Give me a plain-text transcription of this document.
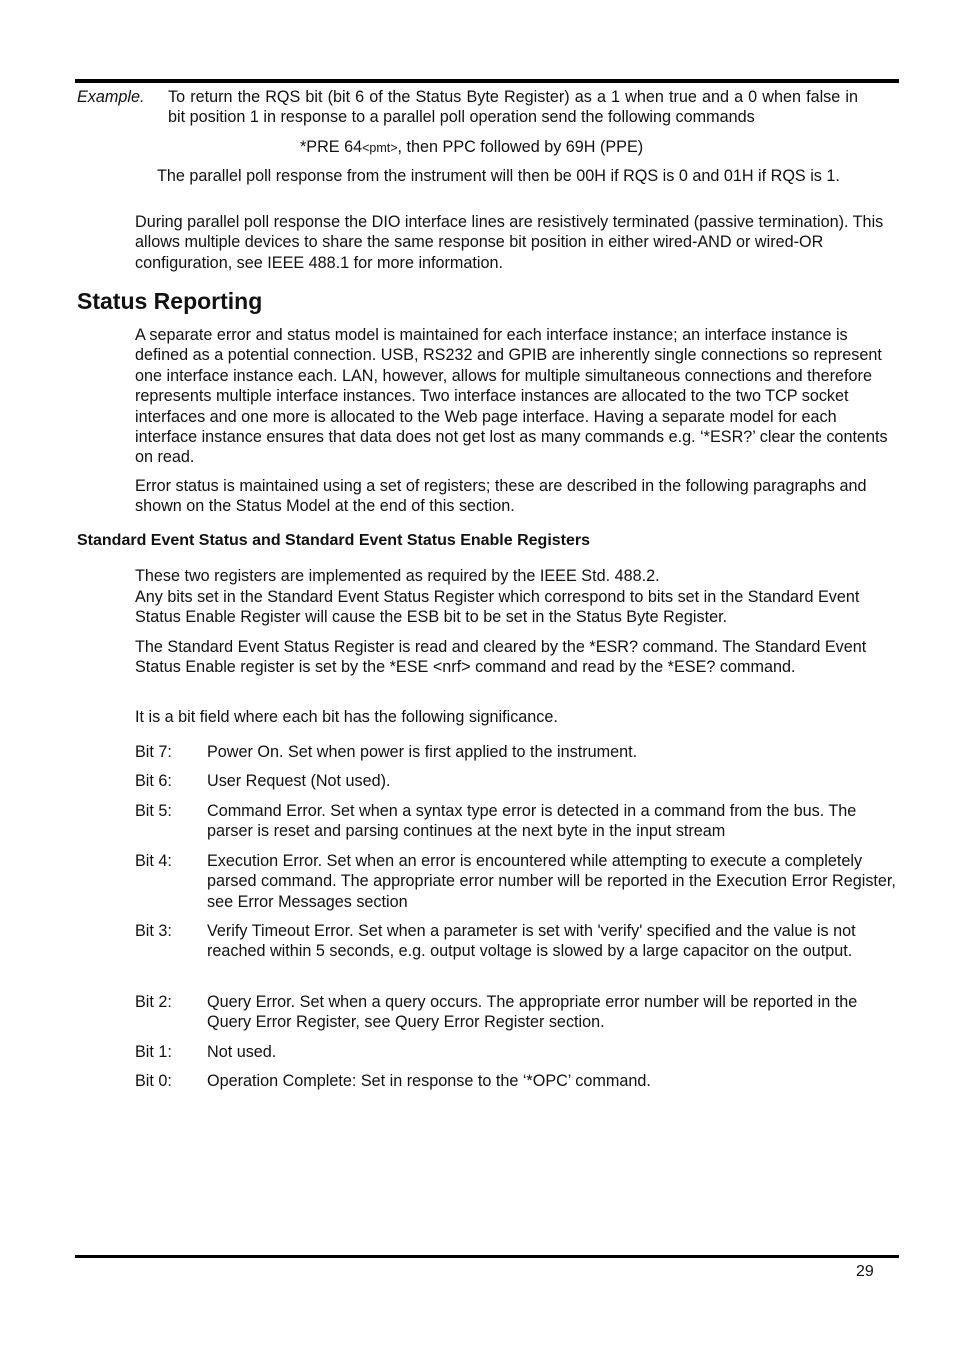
Example. To return the RQS bit (bit 6 of the Status Byte Register) as a 1 when true and a 0 when false in bit position 1 in response to a parallel poll operation send the following commands
*PRE 64<pmt>, then PPC followed by 69H (PPE)
The parallel poll response from the instrument will then be 00H if RQS is 0 and 01H if RQS is 1.
During parallel poll response the DIO interface lines are resistively terminated (passive termination). This allows multiple devices to share the same response bit position in either wired-AND or wired-OR configuration, see IEEE 488.1 for more information.
Status Reporting
A separate error and status model is maintained for each interface instance; an interface instance is defined as a potential connection. USB, RS232 and GPIB are inherently single connections so represent one interface instance each. LAN, however, allows for multiple simultaneous connections and therefore represents multiple interface instances. Two interface instances are allocated to the two TCP socket interfaces and one more is allocated to the Web page interface. Having a separate model for each interface instance ensures that data does not get lost as many commands e.g. ‘*ESR?’ clear the contents on read.
Error status is maintained using a set of registers; these are described in the following paragraphs and shown on the Status Model at the end of this section.
Standard Event Status and Standard Event Status Enable Registers
These two registers are implemented as required by the IEEE Std. 488.2.
Any bits set in the Standard Event Status Register which correspond to bits set in the Standard Event Status Enable Register will cause the ESB bit to be set in the Status Byte Register.
The Standard Event Status Register is read and cleared by the *ESR? command. The Standard Event Status Enable register is set by the *ESE <nrf> command and read by the *ESE? command.
It is a bit field where each bit has the following significance.
Bit 7: Power On. Set when power is first applied to the instrument.
Bit 6: User Request (Not used).
Bit 5: Command Error. Set when a syntax type error is detected in a command from the bus. The parser is reset and parsing continues at the next byte in the input stream
Bit 4: Execution Error. Set when an error is encountered while attempting to execute a completely parsed command. The appropriate error number will be reported in the Execution Error Register, see Error Messages section
Bit 3: Verify Timeout Error. Set when a parameter is set with 'verify' specified and the value is not reached within 5 seconds, e.g. output voltage is slowed by a large capacitor on the output.
Bit 2: Query Error. Set when a query occurs. The appropriate error number will be reported in the Query Error Register, see Query Error Register section.
Bit 1: Not used.
Bit 0: Operation Complete: Set in response to the ‘*OPC’ command.
29
